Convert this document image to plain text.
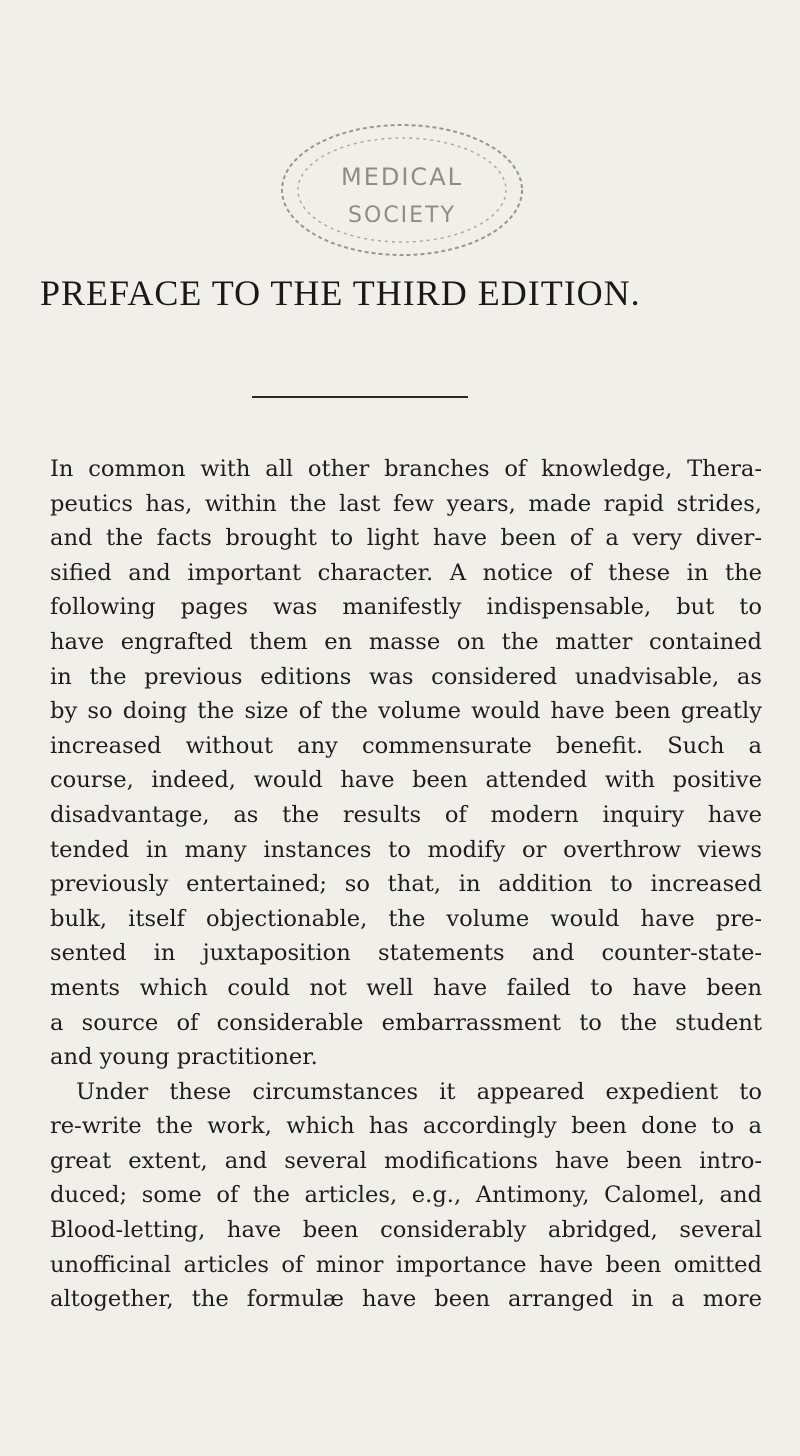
MEDICAL
SOCIETY
PREFACE TO THE THIRD EDITION.
In common with all other branches of knowledge, Thera-
peutics has, within the last few years, made rapid strides,
and the facts brought to light have been of a very diver-
sified and important character. A notice of these in the
following pages was manifestly indispensable, but to
have engrafted them en masse on the matter contained
in the previous editions was considered unadvisable, as
by so doing the size of the volume would have been greatly
increased without any commensurate benefit. Such a
course, indeed, would have been attended with positive
disadvantage, as the results of modern inquiry have
tended in many instances to modify or overthrow views
previously entertained; so that, in addition to increased
bulk, itself objectionable, the volume would have pre-
sented in juxtaposition statements and counter-state-
ments which could not well have failed to have been
a source of considerable embarrassment to the student
and young practitioner.
Under these circumstances it appeared expedient to
re-write the work, which has accordingly been done to a
great extent, and several modifications have been intro-
duced; some of the articles, e.g., Antimony, Calomel, and
Blood-letting, have been considerably abridged, several
unofficinal articles of minor importance have been omitted
altogether, the formulæ have been arranged in a more
